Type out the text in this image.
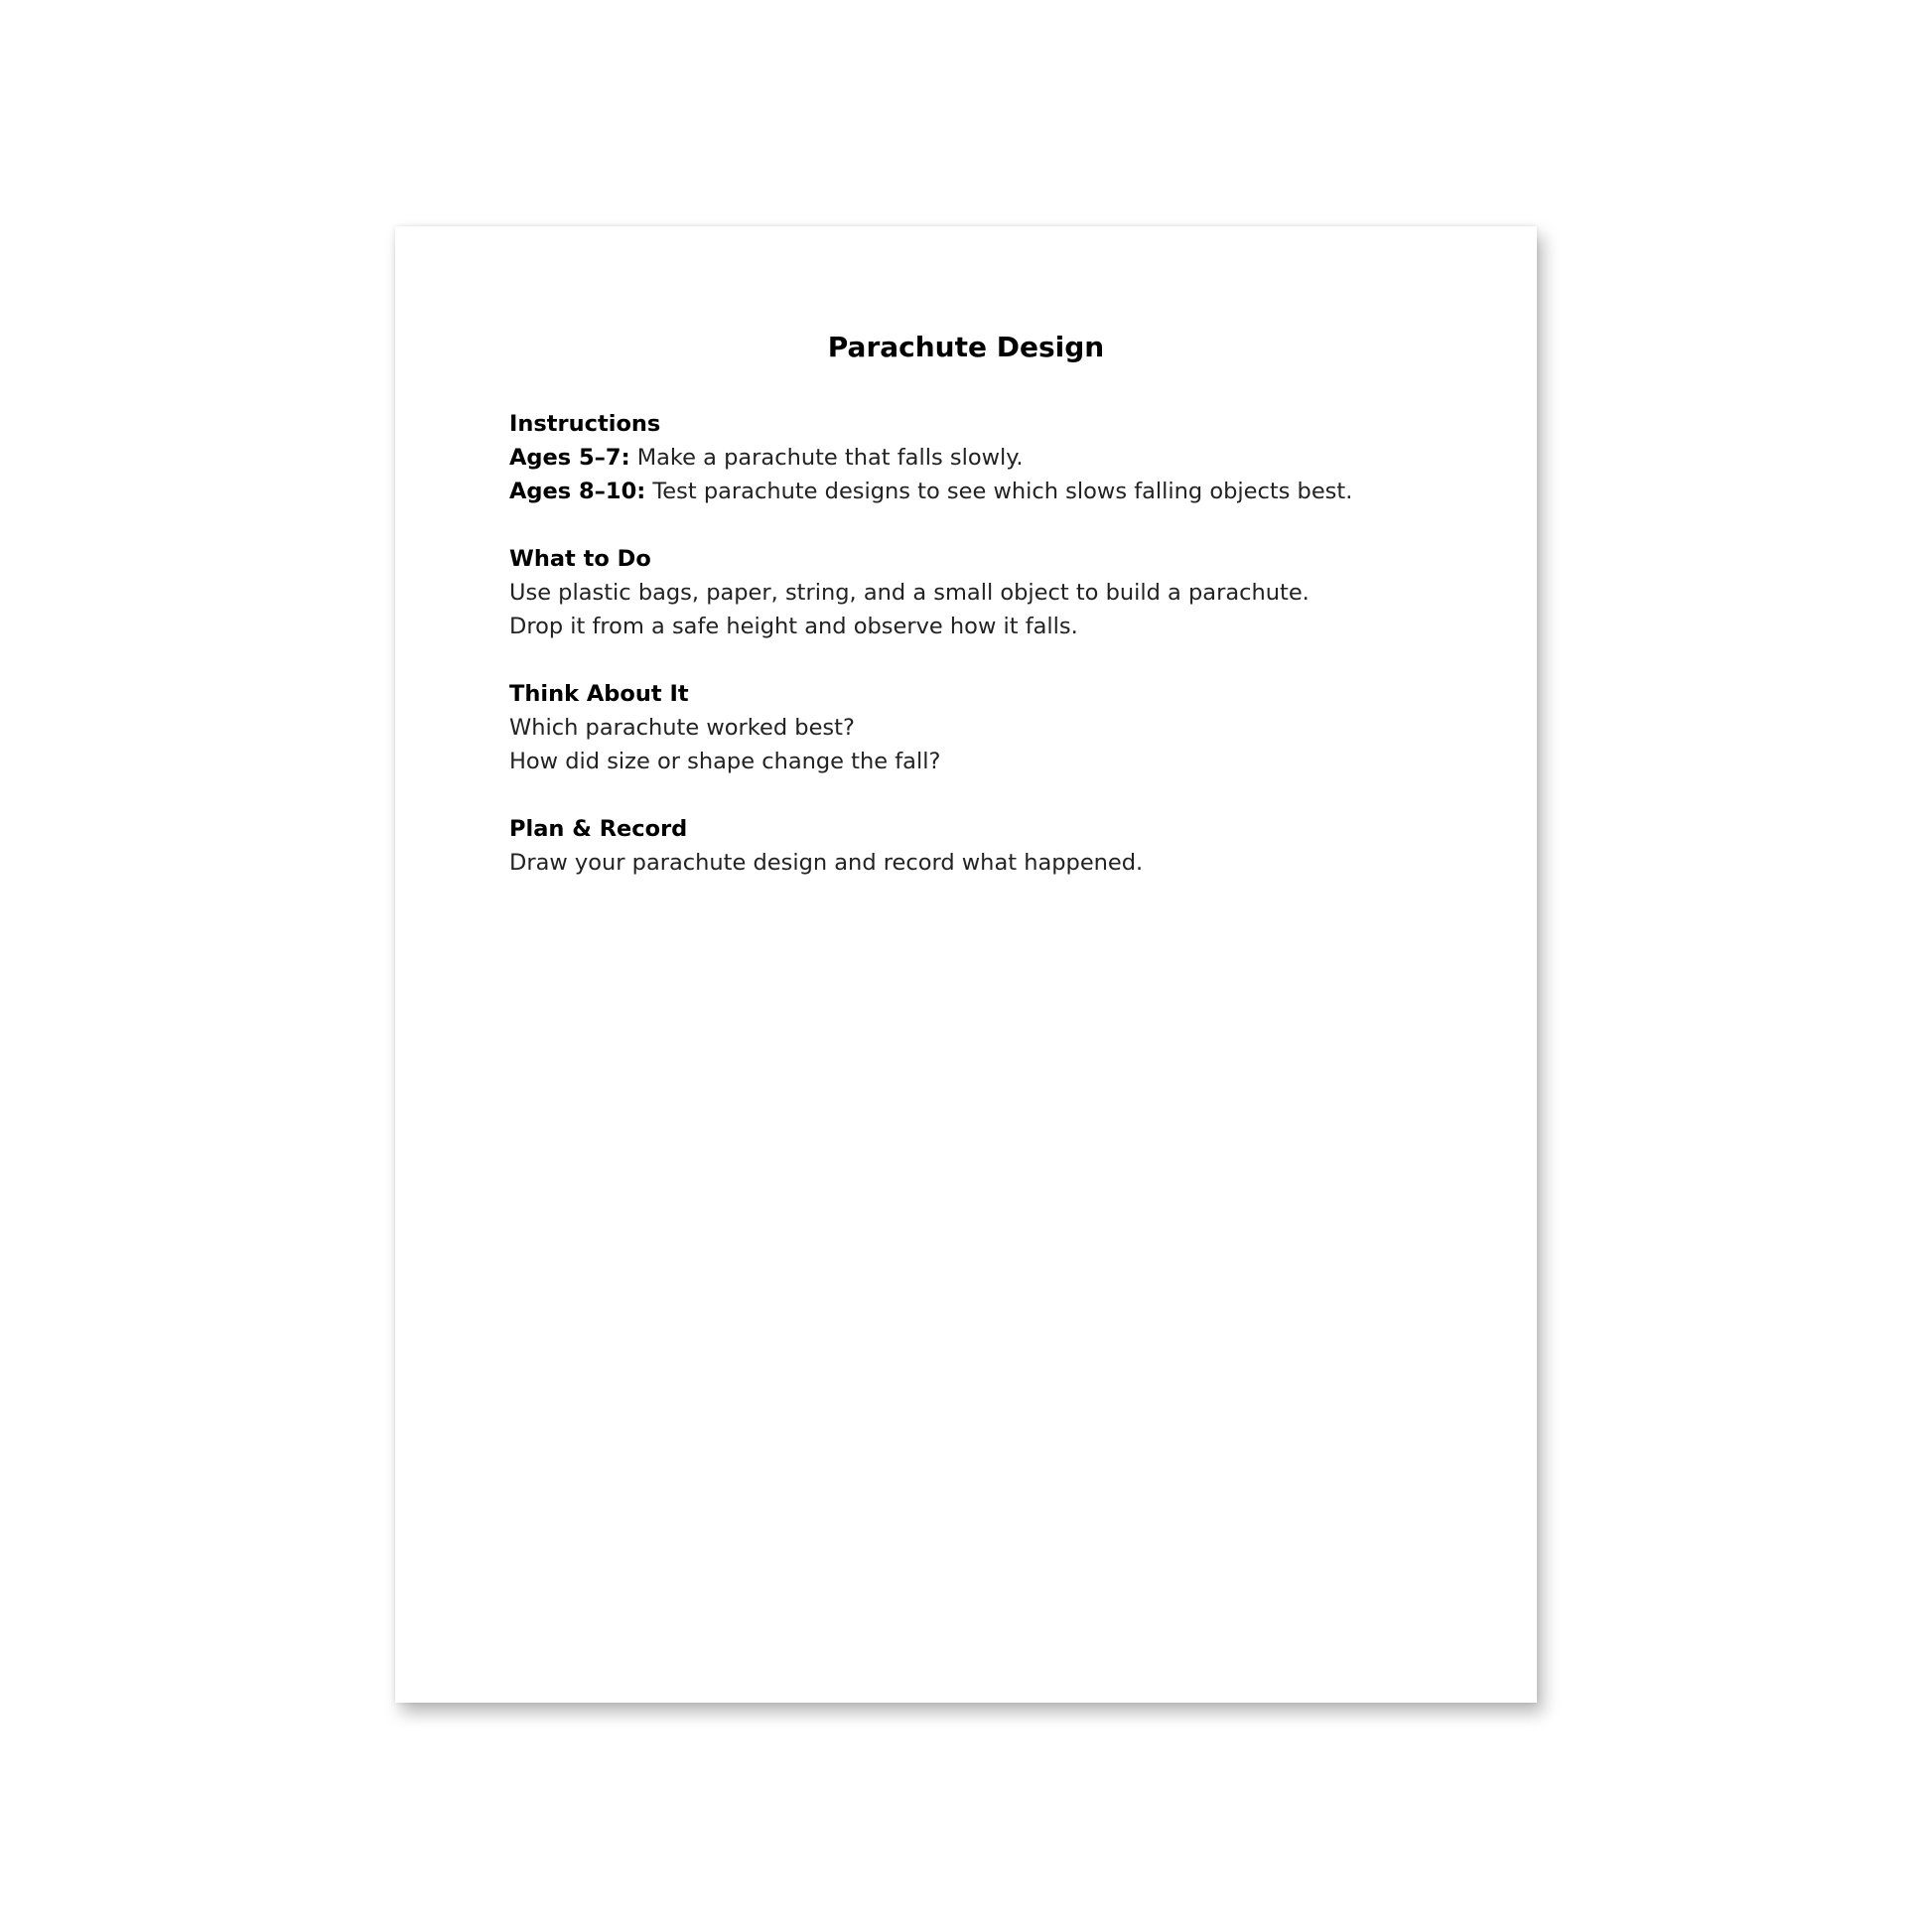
Parachute Design

Instructions

Ages 5–7: Make a parachute that falls slowly.

Ages 8–10: Test parachute designs to see which slows falling objects best.

What to Do

Use plastic bags, paper, string, and a small object to build a parachute.

Drop it from a safe height and observe how it falls.

Think About It

Which parachute worked best?

How did size or shape change the fall?

Plan & Record

Draw your parachute design and record what happened.
